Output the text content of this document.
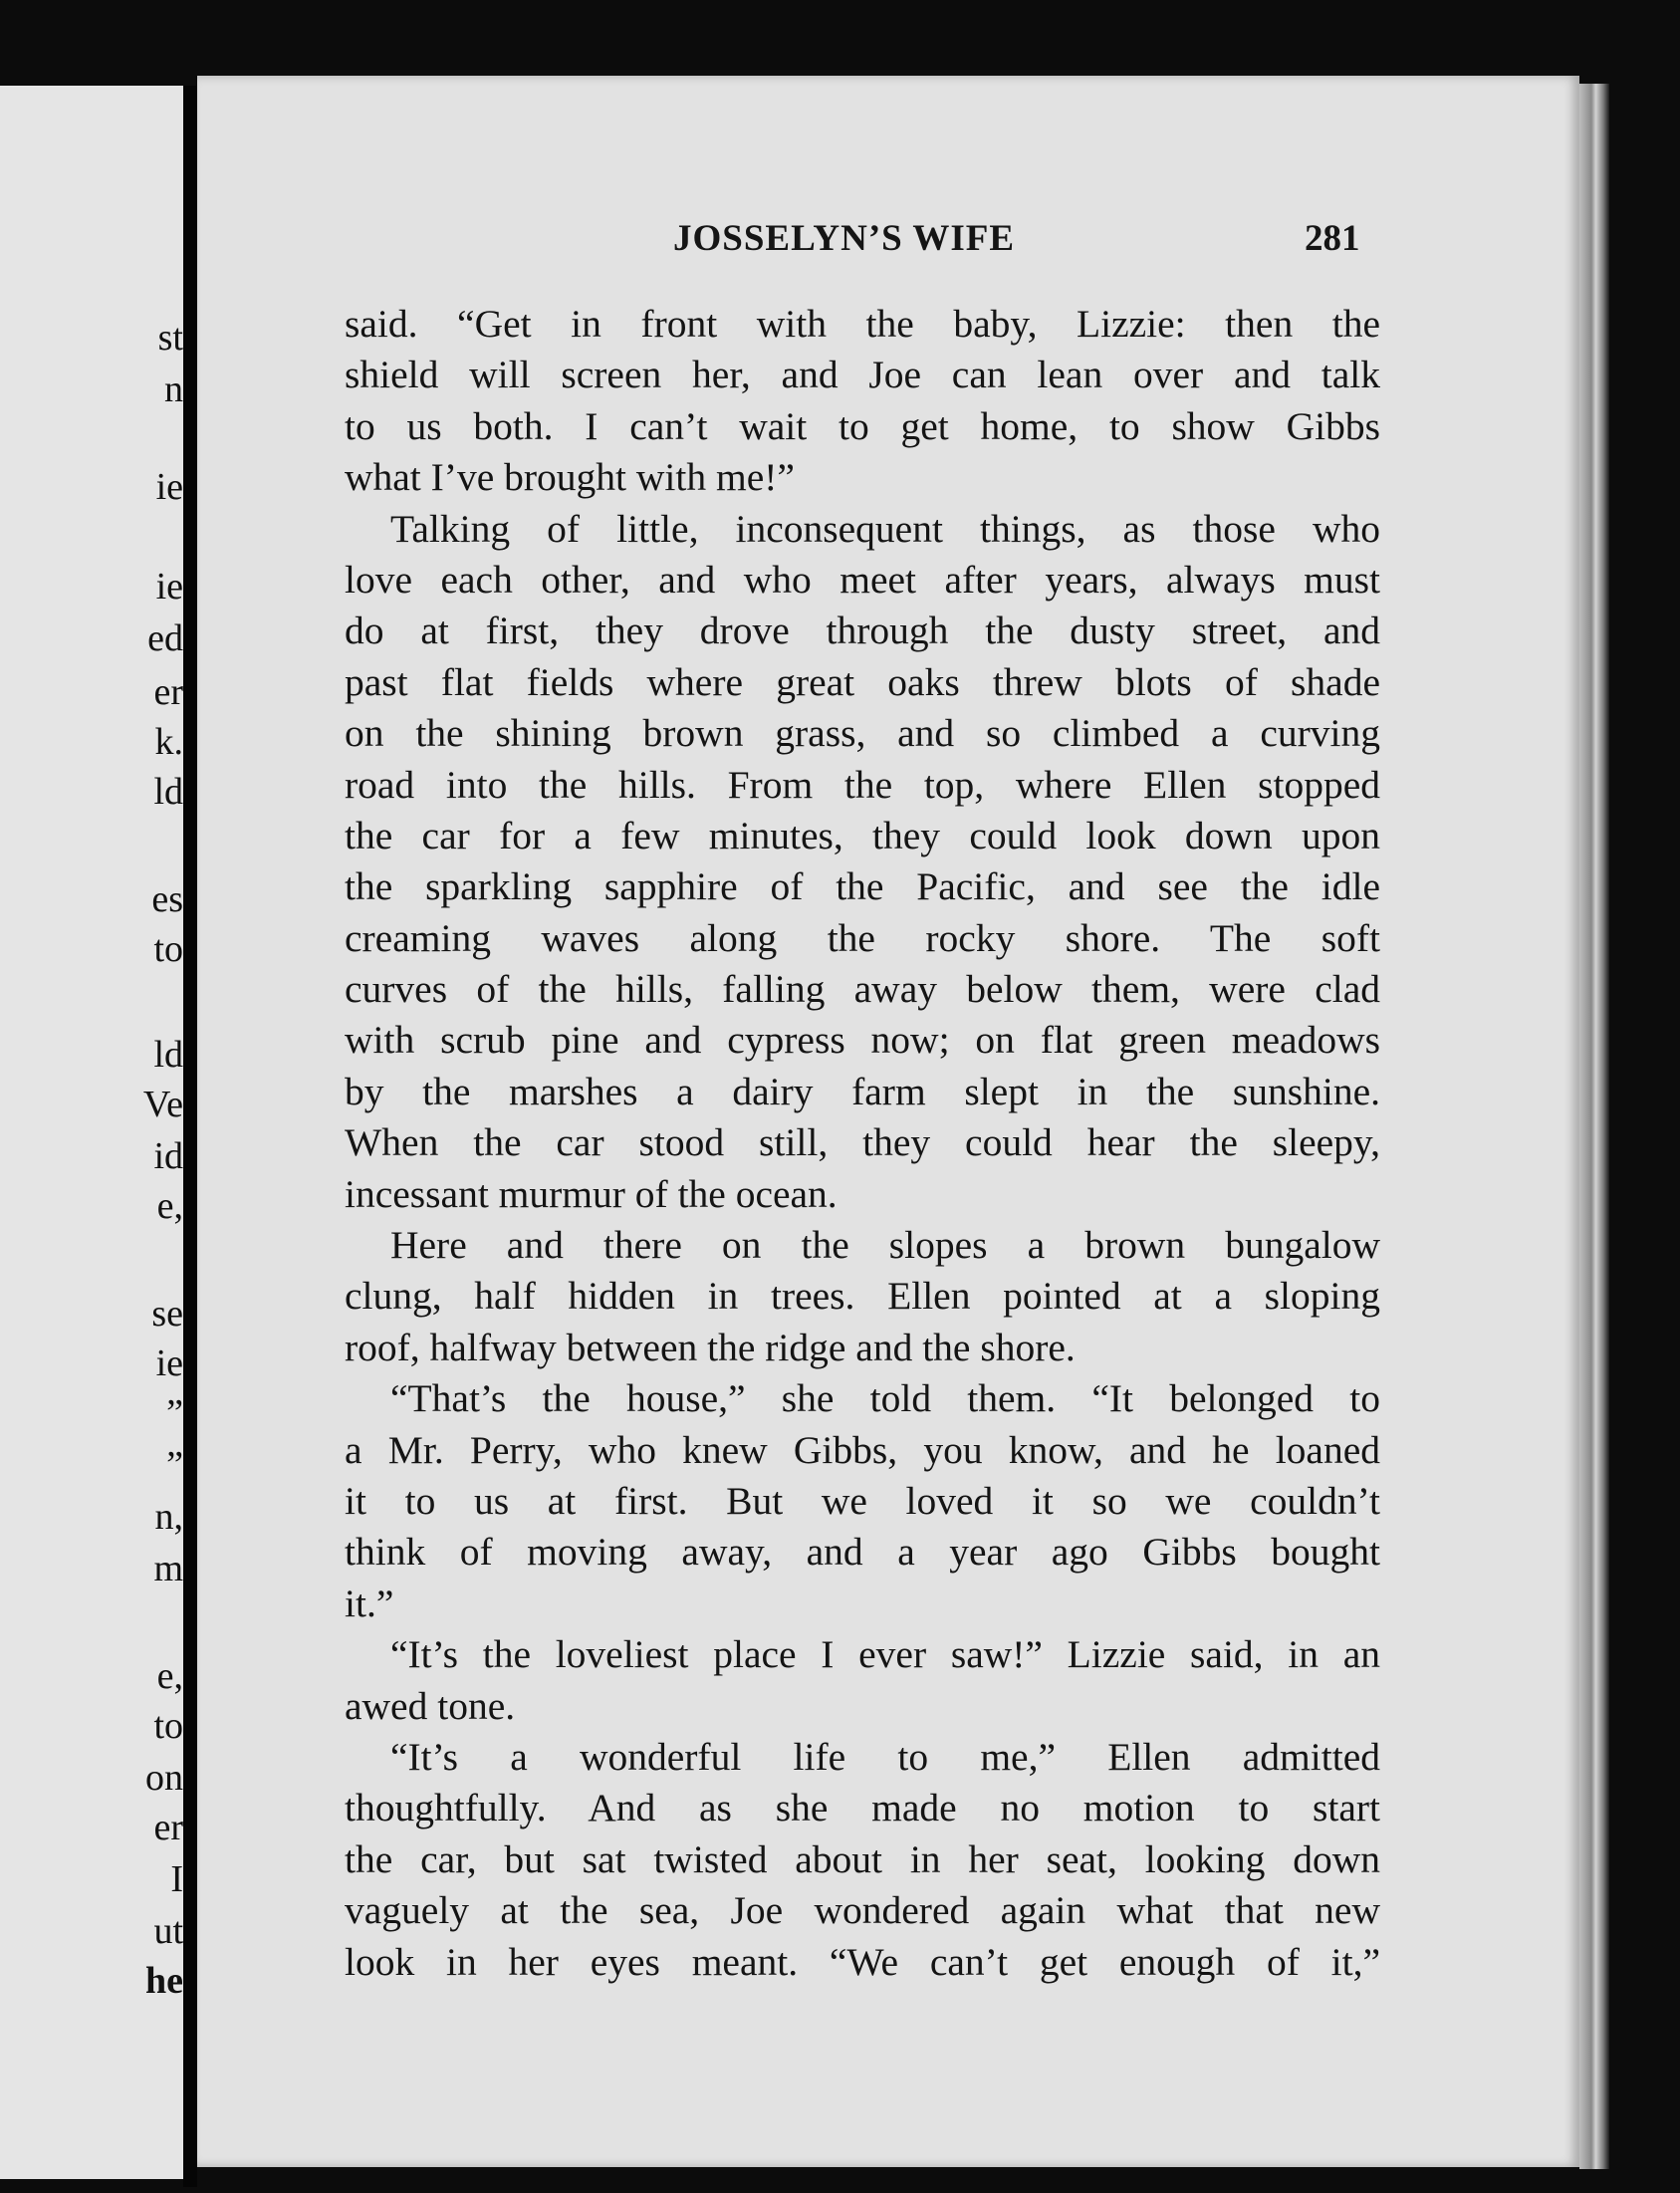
st
n
ie
ie
ed
er
k.
ld
es
to
ld
Ve
id
e,
se
ie
”
”
n,
m
e,
to
on
er
I
ut
he
JOSSELYN’S WIFE	281
said. “Get in front with the baby, Lizzie: then the
shield will screen her, and Joe can lean over and talk
to us both. I can’t wait to get home, to show Gibbs
what I’ve brought with me!”
Talking of little, inconsequent things, as those who
love each other, and who meet after years, always must
do at first, they drove through the dusty street, and
past flat fields where great oaks threw blots of shade
on the shining brown grass, and so climbed a curving
road into the hills. From the top, where Ellen stopped
the car for a few minutes, they could look down upon
the sparkling sapphire of the Pacific, and see the idle
creaming waves along the rocky shore. The soft
curves of the hills, falling away below them, were clad
with scrub pine and cypress now; on flat green meadows
by the marshes a dairy farm slept in the sunshine.
When the car stood still, they could hear the sleepy,
incessant murmur of the ocean.
Here and there on the slopes a brown bungalow
clung, half hidden in trees. Ellen pointed at a sloping
roof, halfway between the ridge and the shore.
“That’s the house,” she told them. “It belonged to
a Mr. Perry, who knew Gibbs, you know, and he loaned
it to us at first. But we loved it so we couldn’t
think of moving away, and a year ago Gibbs bought
it.”
“It’s the loveliest place I ever saw!” Lizzie said, in an
awed tone.
“It’s a wonderful life to me,” Ellen admitted
thoughtfully. And as she made no motion to start
the car, but sat twisted about in her seat, looking down
vaguely at the sea, Joe wondered again what that new
look in her eyes meant. “We can’t get enough of it,”
